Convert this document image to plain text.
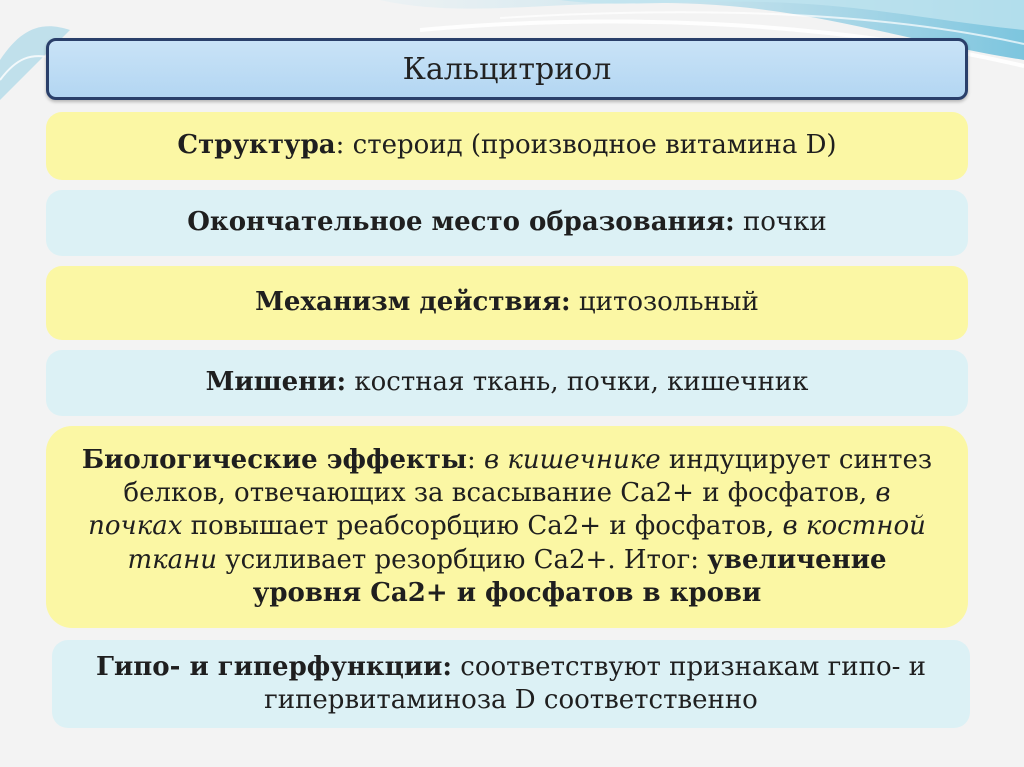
Кальцитриол
Структура: стероид (производное витамина D)
Окончательное место образования: почки
Механизм действия: цитозольный
Мишени: костная ткань, почки, кишечник
Биологические эффекты: в кишечнике индуцирует синтез белков, отвечающих за всасывание Са2+ и фосфатов, в почках повышает реабсорбцию Са2+ и фосфатов, в костной ткани усиливает резорбцию Са2+. Итог: увеличение уровня Са2+ и фосфатов в крови
Гипо- и гиперфункции: соответствуют признакам гипо- и гипервитаминоза D соответственно
